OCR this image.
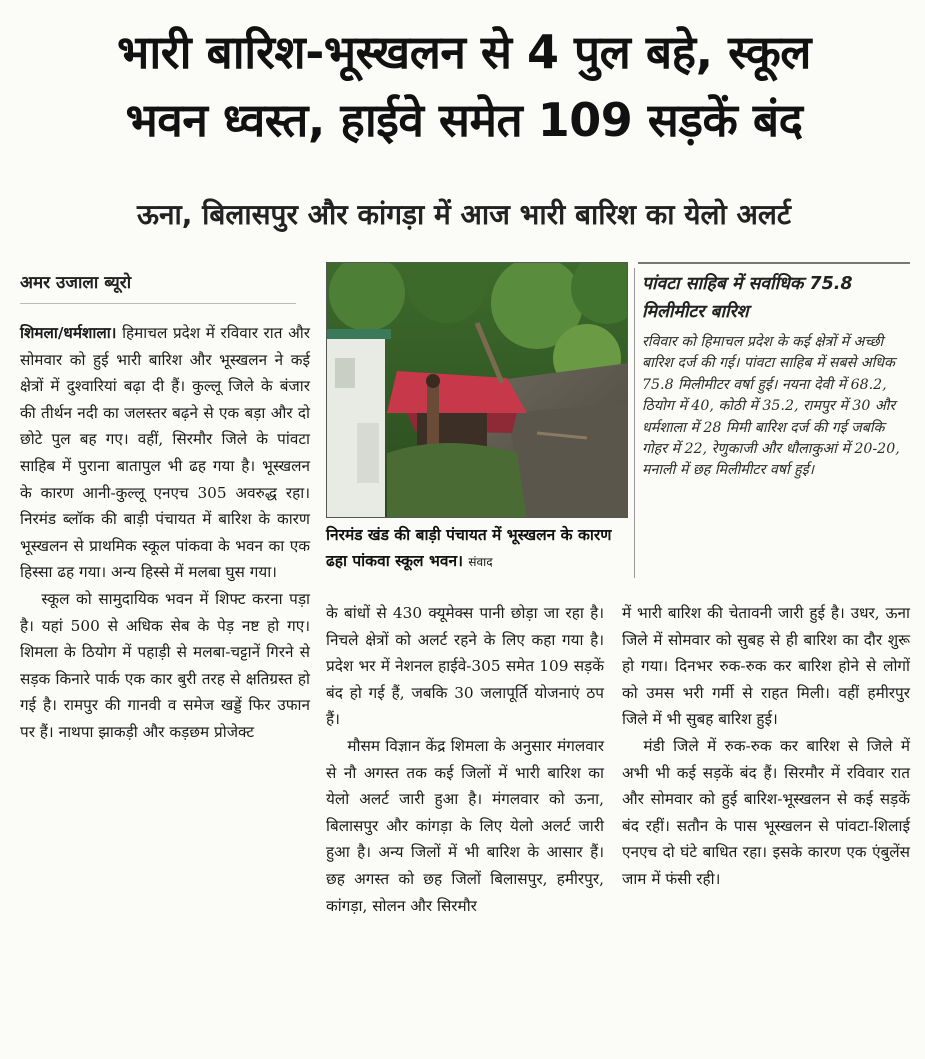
भारी बारिश-भूस्खलन से 4 पुल बहे, स्कूल
भवन ध्वस्त, हाईवे समेत 109 सड़कें बंद
ऊना, बिलासपुर और कांगड़ा में आज भारी बारिश का येलो अलर्ट
अमर उजाला ब्यूरो

शिमला/धर्मशाला। हिमाचल प्रदेश में रविवार रात और सोमवार को हुई भारी बारिश और भूस्खलन ने कई क्षेत्रों में दुश्वारियां बढ़ा दी हैं। कुल्लू जिले के बंजार की तीर्थन नदी का जलस्तर बढ़ने से एक बड़ा और दो छोटे पुल बह गए। वहीं, सिरमौर जिले के पांवटा साहिब में पुराना बातापुल भी ढह गया है। भूस्खलन के कारण आनी-कुल्लू एनएच 305 अवरुद्ध रहा। निरमंड ब्लॉक की बाड़ी पंचायत में बारिश के कारण भूस्खलन से प्राथमिक स्कूल पांकवा के भवन का एक हिस्सा ढह गया। अन्य हिस्से में मलबा घुस गया।

स्कूल को सामुदायिक भवन में शिफ्ट करना पड़ा है। यहां 500 से अधिक सेब के पेड़ नष्ट हो गए। शिमला के ठियोग में पहाड़ी से मलबा-चट्टानें गिरने से सड़क किनारे पार्क एक कार बुरी तरह से क्षतिग्रस्त हो गई है। रामपुर की गानवी व समेज खड्डें फिर उफान पर हैं। नाथपा झाकड़ी और कड़छम प्रोजेक्ट

निरमंड खंड की बाड़ी पंचायत में भूस्खलन के कारण ढहा पांकवा स्कूल भवन। संवाद
पांवटा साहिब में सर्वाधिक 75.8 मिलीमीटर बारिश
रविवार को हिमाचल प्रदेश के कई क्षेत्रों में अच्छी बारिश दर्ज की गई। पांवटा साहिब में सबसे अधिक 75.8 मिलीमीटर वर्षा हुई। नयना देवी में 68.2, ठियोग में 40, कोठी में 35.2, रामपुर में 30 और धर्मशाला में 28 मिमी बारिश दर्ज की गई जबकि गोहर में 22, रेणुकाजी और धौलाकुआं में 20-20, मनाली में छह मिलीमीटर वर्षा हुई।

के बांधों से 430 क्यूमेक्स पानी छोड़ा जा रहा है। निचले क्षेत्रों को अलर्ट रहने के लिए कहा गया है। प्रदेश भर में नेशनल हाईवे-305 समेत 109 सड़कें बंद हो गई हैं, जबकि 30 जलापूर्ति योजनाएं ठप हैं।

मौसम विज्ञान केंद्र शिमला के अनुसार मंगलवार से नौ अगस्त तक कई जिलों में भारी बारिश का येलो अलर्ट जारी हुआ है। मंगलवार को ऊना, बिलासपुर और कांगड़ा के लिए येलो अलर्ट जारी हुआ है। अन्य जिलों में भी बारिश के आसार हैं। छह अगस्त को छह जिलों बिलासपुर, हमीरपुर, कांगड़ा, सोलन और सिरमौर

में भारी बारिश की चेतावनी जारी हुई है। उधर, ऊना जिले में सोमवार को सुबह से ही बारिश का दौर शुरू हो गया। दिनभर रुक-रुक कर बारिश होने से लोगों को उमस भरी गर्मी से राहत मिली। वहीं हमीरपुर जिले में भी सुबह बारिश हुई।

मंडी जिले में रुक-रुक कर बारिश से जिले में अभी भी कई सड़कें बंद हैं। सिरमौर में रविवार रात और सोमवार को हुई बारिश-भूस्खलन से कई सड़कें बंद रहीं। सतौन के पास भूस्खलन से पांवटा-शिलाई एनएच दो घंटे बाधित रहा। इसके कारण एक एंबुलेंस जाम में फंसी रही।
